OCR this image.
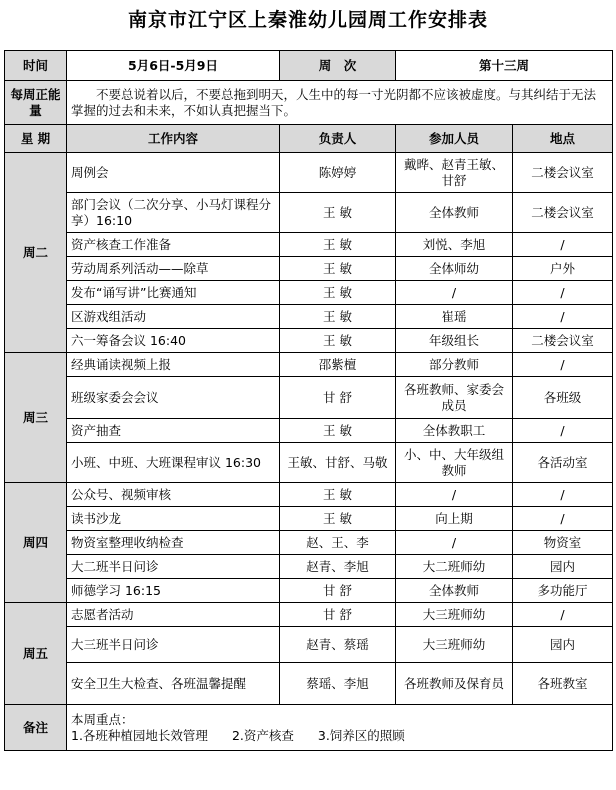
南京市江宁区上秦淮幼儿园周工作安排表
时间	5月6日-5月9日	周　次	第十三周	
每周正能量	不要总说着以后，不要总拖到明天，人生中的每一寸光阴都不应该被虚度。与其纠结于无法掌握的过去和未来，不如认真把握当下。			
星 期	工作内容	负责人	参加人员	地点
周二	周例会	陈婷婷	戴晔、赵青王敏、甘舒	二楼会议室
	部门会议（二次分享、小马灯课程分享）16:10	王 敏	全体教师	二楼会议室
	资产核查工作准备	王 敏	刘悦、李旭	/
	劳动周系列活动——除草	王 敏	全体师幼	户外
	发布“诵写讲”比赛通知	王 敏	/	/
	区游戏组活动	王 敏	崔瑶	/
	六一筹备会议 16:40	王 敏	年级组长	二楼会议室
周三	经典诵读视频上报	邵紫檀	部分教师	/
	班级家委会会议	甘 舒	各班教师、家委会成员	各班级
	资产抽查	王 敏	全体教职工	/
	小班、中班、大班课程审议 16:30	王敏、甘舒、马敬	小、中、大年级组教师	各活动室
周四	公众号、视频审核	王 敏	/	/
	读书沙龙	王 敏	向上期	/
	物资室整理收纳检查	赵、王、李	/	物资室
	大二班半日问诊	赵青、李旭	大二班师幼	园内
	师德学习 16:15	甘 舒	全体教师	多功能厅
周五	志愿者活动	甘 舒	大三班师幼	/
	大三班半日问诊	赵青、蔡瑶	大三班师幼	园内
	安全卫生大检查、各班温馨提醒	蔡瑶、李旭	各班教师及保育员	各班教室
备注	本周重点：
1.各班种植园地长效管理 2.资产核查 3.饲养区的照顾			
